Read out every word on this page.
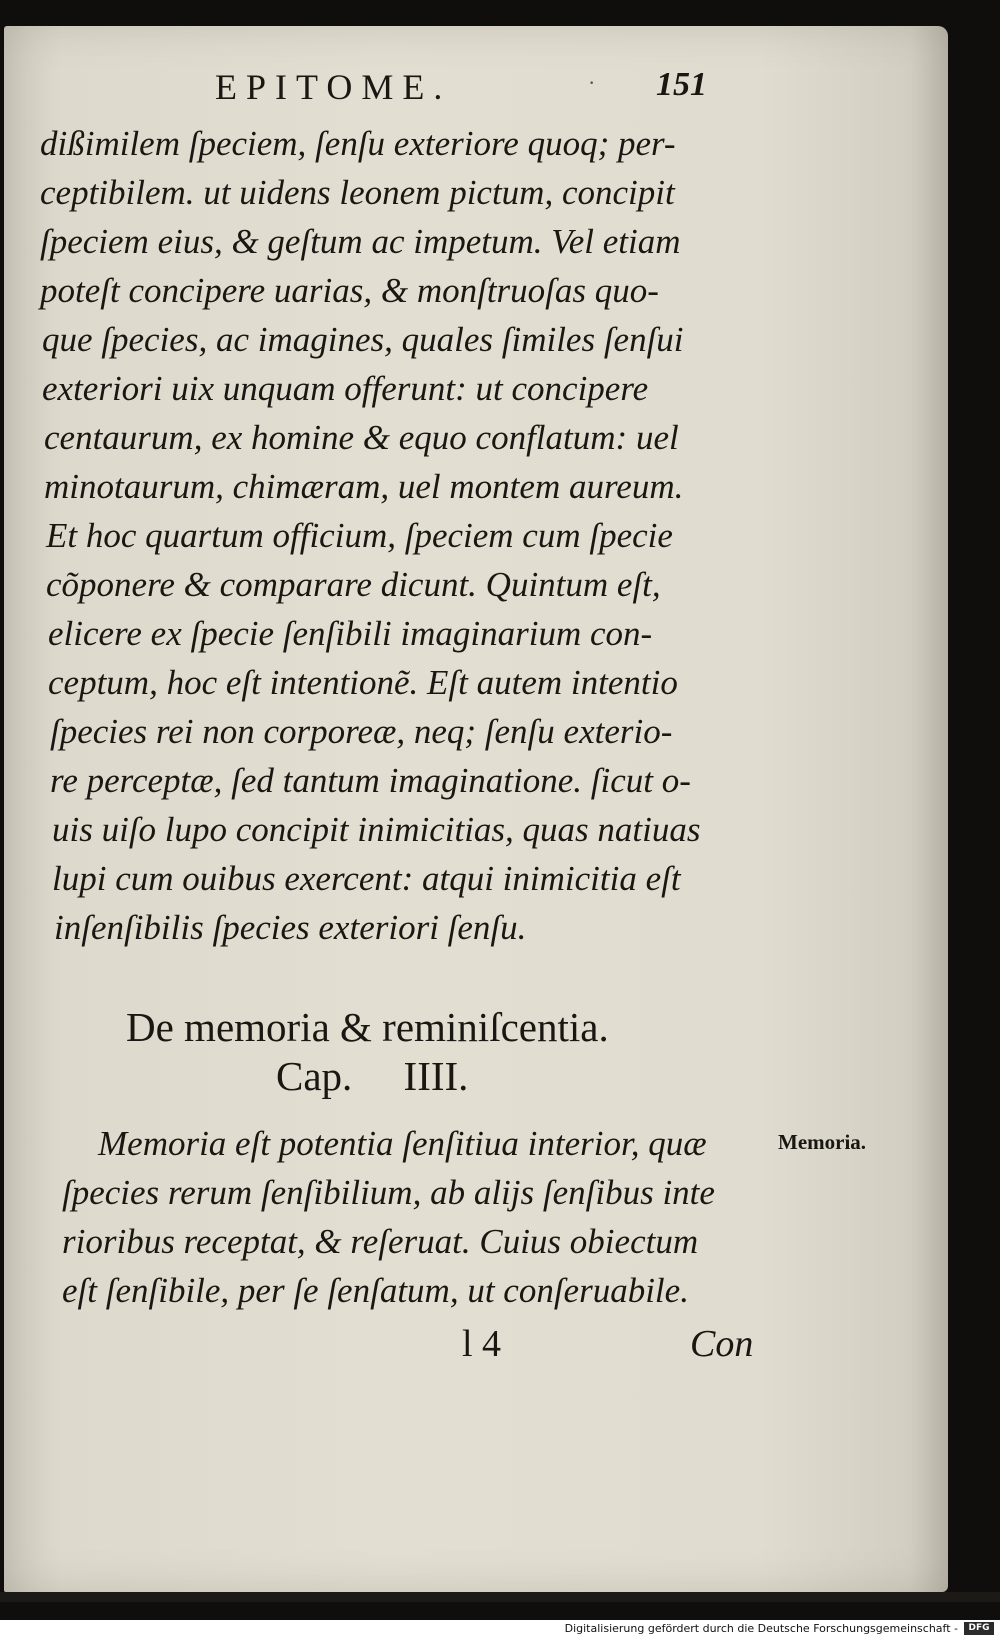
EPITOME.	· 151
dißimilem ſpeciem, ſenſu exteriore quoq; per-
ceptibilem. ut uidens leonem pictum, concipit
ſpeciem eius, & geſtum ac impetum. Vel etiam
poteſt concipere uarias, & monſtruoſas quo-
que ſpecies, ac imagines, quales ſimiles ſenſui
exteriori uix unquam offerunt: ut concipere
centaurum, ex homine & equo conflatum: uel
minotaurum, chimæram, uel montem aureum.
Et hoc quartum officium, ſpeciem cum ſpecie
cõponere & comparare dicunt. Quintum eſt,
elicere ex ſpecie ſenſibili imaginarium con-
ceptum, hoc eſt intentionẽ. Eſt autem intentio
ſpecies rei non corporeæ, neq; ſenſu exterio-
re perceptæ, ſed tantum imaginatione. ſicut o-
uis uiſo lupo concipit inimicitias, quas natiuas
lupi cum ouibus exercent: atqui inimicitia eſt
inſenſibilis ſpecies exteriori ſenſu.
De memoria & reminiſcentia.
Cap.     IIII.
Memoria eſt potentia ſenſitiua interior, quæ
ſpecies rerum ſenſibilium, ab alijs ſenſibus inte
rioribus receptat, & reſeruat. Cuius obiectum
eſt ſenſibile, per ſe ſenſatum, ut conſeruabile.
Memoria.
l 4	Con
Digitalisierung gefördert durch die Deutsche Forschungsgemeinschaft -	DFG
